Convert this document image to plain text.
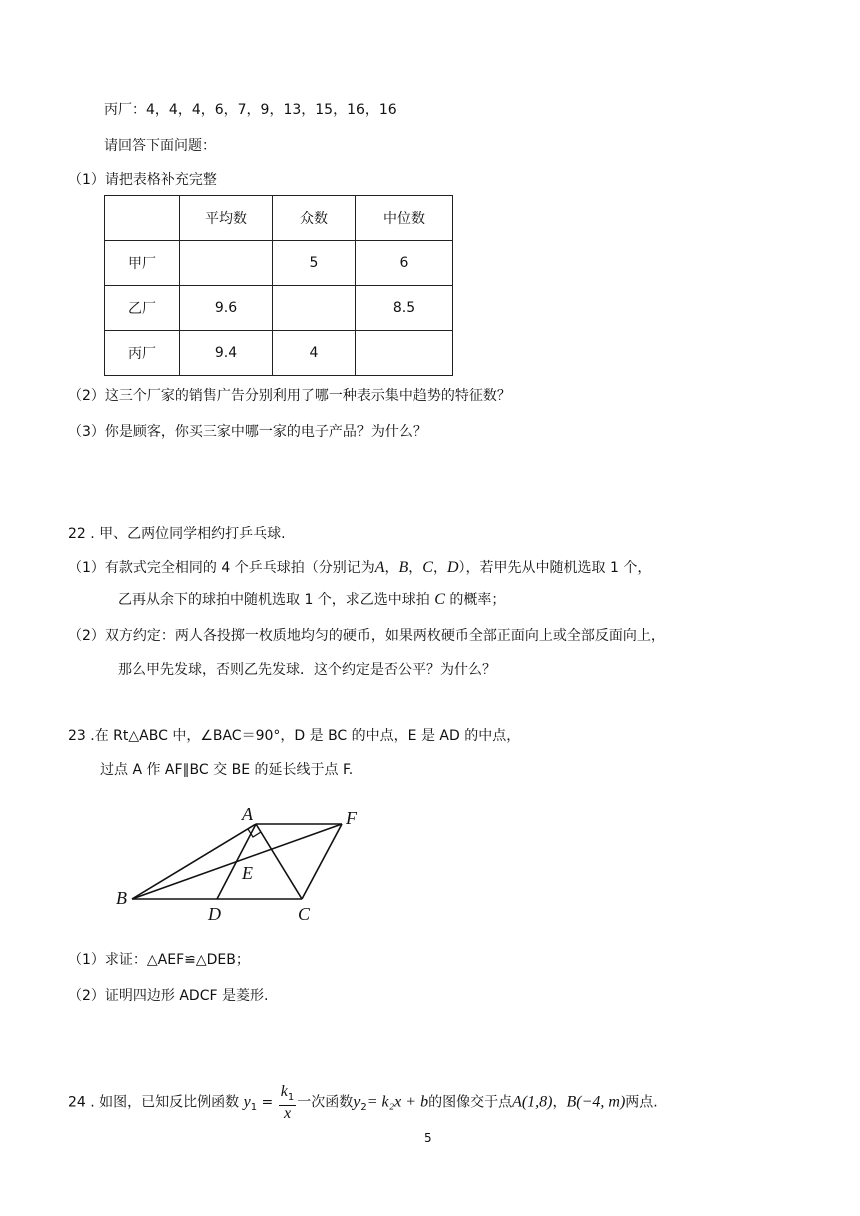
丙厂：4，4，4，6，7，9，13，15，16，16
请回答下面问题：
（1）请把表格补充完整
	平均数	众数	中位数
甲厂		5	6
乙厂	9.6		8.5
丙厂	9.4	4	
（2）这三个厂家的销售广告分别利用了哪一种表示集中趋势的特征数？
（3）你是顾客，你买三家中哪一家的电子产品？为什么？
22 . 甲、乙两位同学相约打乒乓球.
（1）有款式完全相同的 4 个乒乓球拍（分别记为A，B，C，D），若甲先从中随机选取 1 个，
乙再从余下的球拍中随机选取 1 个，求乙选中球拍 C 的概率；
（2）双方约定：两人各投掷一枚质地均匀的硬币，如果两枚硬币全部正面向上或全部反面向上，
那么甲先发球，否则乙先发球．这个约定是否公平？为什么？
23 .在 Rt△ABC 中，∠BAC＝90°，D 是 BC 的中点，E 是 AD 的中点，
过点 A 作 AF∥BC 交 BE 的延长线于点 F.
A	F
B
D	C
E
（1）求证：△AEF≌△DEB；
（2）证明四边形 ADCF 是菱形.
24 . 如图，已知反比例函数 $y_1 = \frac{k_1}{x}$ 一次函数$y_2= k_2x + b$的图像交于点A(1,8)，B(−4, m)两点.
5
